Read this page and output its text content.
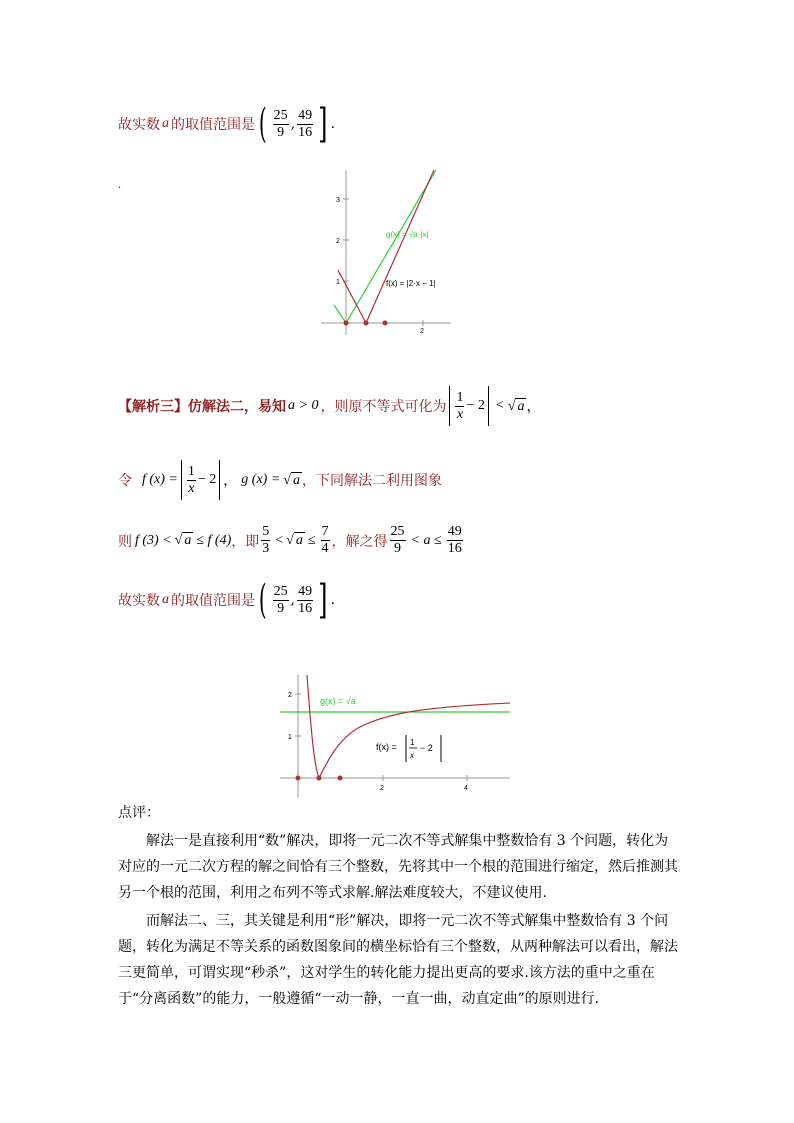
故实数 a 的取值范围是 ( $\frac{25}{9}$ , $\frac{49}{16}$ ] .
.
3
2
1
2
g(x) = √a·|x|
f(x) = |2·x − 1|
【解析三】 仿解法二，易知 a > 0 ，则原不等式可化为 $\frac{1}{x} - 2$ < √ a ，
令 f $(x) = \frac{1}{x} - 2$ ， g (x) = √ a ，下同解法二利用图象
则 f (3) < √ a ≤ f (4) ，即 $\frac{5}{3}$ < √ $a \le \frac{7}{4}$ ，解之得 $\frac{25}{9} < a \le \frac{49}{16}$
故实数 a 的取值范围是 ( $\frac{25}{9}$ , $\frac{49}{16}$ ] .
2
1
2	4
g(x) = √a
f(x) = 1
x
− 2
点评：
解法一是直接利用“数”解决，即将一元二次不等式解集中整数恰有 3 个问题，转化为对应的一元二次方程的解之间恰有三个整数，先将其中一个根的范围进行缩定，然后推测其另一个根的范围，利用之布列不等式求解.解法难度较大，不建议使用.
而解法二、三，其关键是利用“形”解决，即将一元二次不等式解集中整数恰有 3 个问题，转化为满足不等关系的函数图象间的横坐标恰有三个整数，从两种解法可以看出，解法三更简单，可谓实现“秒杀”，这对学生的转化能力提出更高的要求.该方法的重中之重在于“分离函数”的能力，一般遵循“一动一静，一直一曲，动直定曲”的原则进行.
